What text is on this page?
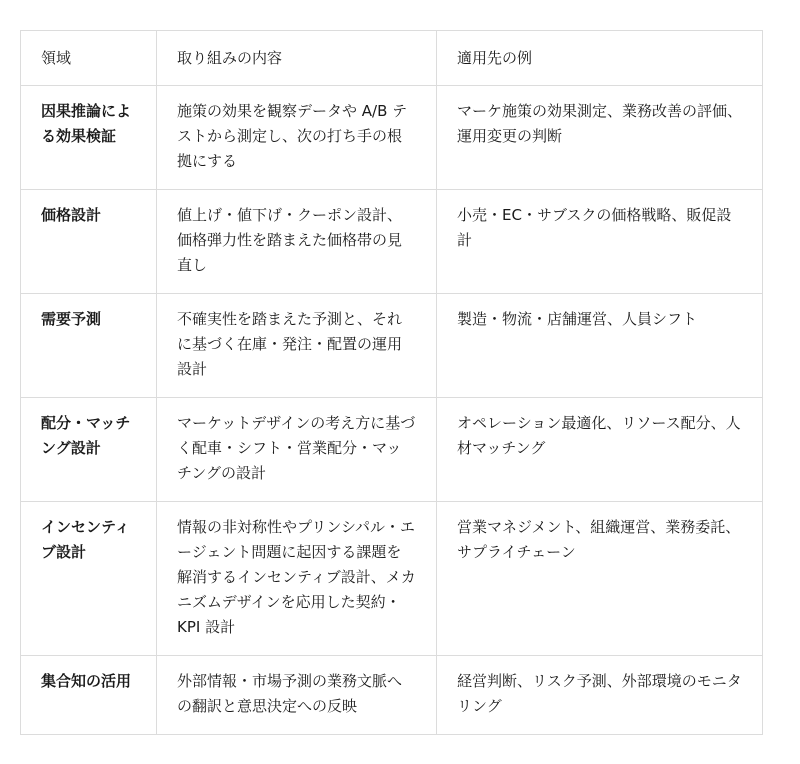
領域	取り組みの内容	適用先の例
因果推論による効果検証	施策の効果を観察データや A/B テストから測定し、次の打ち手の根拠にする	マーケ施策の効果測定、業務改善の評価、運用変更の判断
価格設計	値上げ・値下げ・クーポン設計、価格弾力性を踏まえた価格帯の見直し	小売・EC・サブスクの価格戦略、販促設計
需要予測	不確実性を踏まえた予測と、それに基づく在庫・発注・配置の運用設計	製造・物流・店舗運営、人員シフト
配分・マッチング設計	マーケットデザインの考え方に基づく配車・シフト・営業配分・マッチングの設計	オペレーション最適化、リソース配分、人材マッチング
インセンティブ設計	情報の非対称性やプリンシパル・エージェント問題に起因する課題を解消するインセンティブ設計、メカニズムデザインを応用した契約・KPI 設計	営業マネジメント、組織運営、業務委託、サプライチェーン
集合知の活用	外部情報・市場予測の業務文脈への翻訳と意思決定への反映	経営判断、リスク予測、外部環境のモニタリング
